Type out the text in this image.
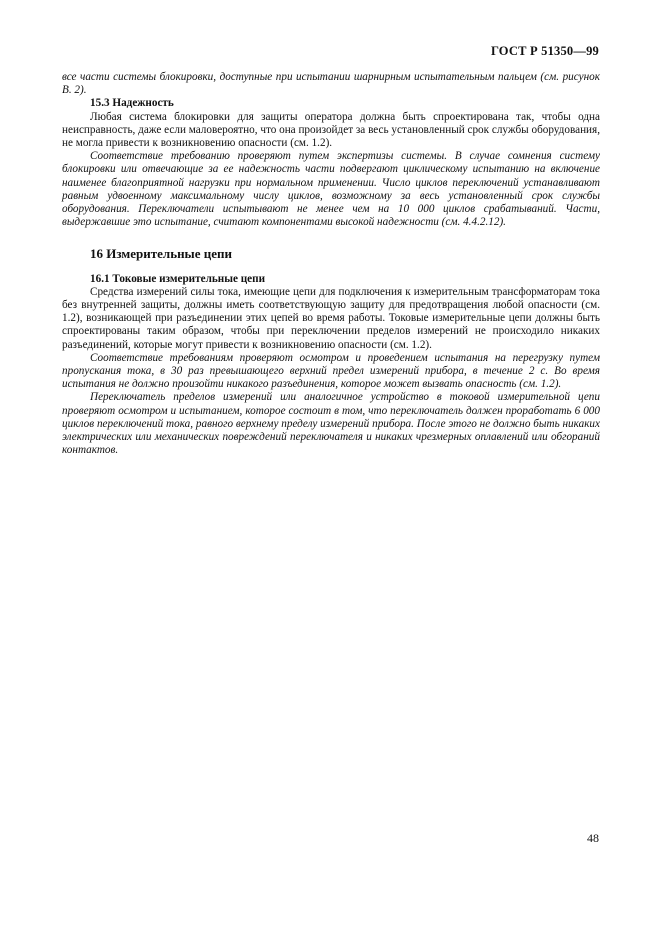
ГОСТ Р 51350—99

все части системы блокировки, доступные при испытании шарнирным испытательным пальцем (см. рисунок В. 2).

15.3 Надежность

Любая система блокировки для защиты оператора должна быть спроектирована так, чтобы одна неисправность, даже если маловероятно, что она произойдет за весь установленный срок службы оборудования, не могла привести к возникновению опасности (см. 1.2).

Соответствие требованию проверяют путем экспертизы системы. В случае сомнения систему блокировки или отвечающие за ее надежность части подвергают циклическому испытанию на включение наименее благоприятной нагрузки при нормальном применении. Число циклов переключений устанавливают равным удвоенному максимальному числу циклов, возможному за весь установленный срок службы оборудования. Переключатели испытывают не менее чем на 10 000 циклов срабатываний. Части, выдержавшие это испытание, считают компонентами высокой надежности (см. 4.4.2.12).

16 Измерительные цепи

16.1 Токовые измерительные цепи

Средства измерений силы тока, имеющие цепи для подключения к измерительным трансформаторам тока без внутренней защиты, должны иметь соответствующую защиту для предотвращения любой опасности (см. 1.2), возникающей при разъединении этих цепей во время работы. Токовые измерительные цепи должны быть спроектированы таким образом, чтобы при переключении пределов измерений не происходило никаких разъединений, которые могут привести к возникновению опасности (см. 1.2).

Соответствие требованиям проверяют осмотром и проведением испытания на перегрузку путем пропускания тока, в 30 раз превышающего верхний предел измерений прибора, в течение 2 с. Во время испытания не должно произойти никакого разъединения, которое может вызвать опасность (см. 1.2).

Переключатель пределов измерений или аналогичное устройство в токовой измерительной цепи проверяют осмотром и испытанием, которое состоит в том, что переключатель должен проработать 6 000 циклов переключений тока, равного верхнему пределу измерений прибора. После этого не должно быть никаких электрических или механических повреждений переключателя и никаких чрезмерных оплавлений или обгораний контактов.

48
